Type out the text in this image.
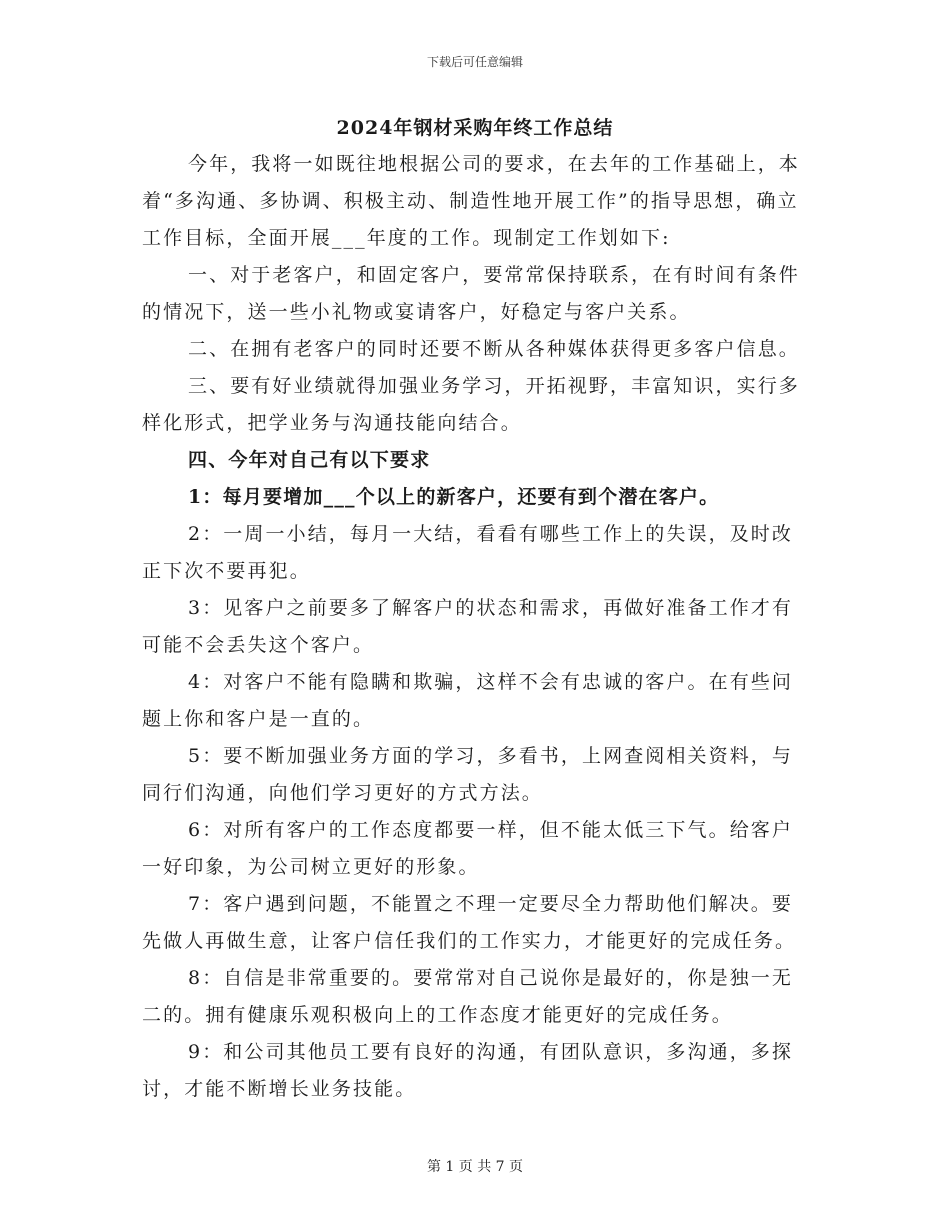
下载后可任意编辑
2024年钢材采购年终工作总结

今年，我将一如既往地根据公司的要求，在去年的工作基础上，本着“多沟通、多协调、积极主动、制造性地开展工作”的指导思想，确立工作目标，全面开展___年度的工作。现制定工作划如下:

一、对于老客户，和固定客户，要常常保持联系，在有时间有条件的情况下，送一些小礼物或宴请客户，好稳定与客户关系。

二、在拥有老客户的同时还要不断从各种媒体获得更多客户信息。

三、要有好业绩就得加强业务学习，开拓视野，丰富知识，实行多样化形式，把学业务与沟通技能向结合。

四、今年对自己有以下要求

1：每月要增加___个以上的新客户，还要有到个潜在客户。

2：一周一小结，每月一大结，看看有哪些工作上的失误，及时改正下次不要再犯。

3：见客户之前要多了解客户的状态和需求，再做好准备工作才有可能不会丢失这个客户。

4：对客户不能有隐瞒和欺骗，这样不会有忠诚的客户。在有些问题上你和客户是一直的。

5：要不断加强业务方面的学习，多看书，上网查阅相关资料，与同行们沟通，向他们学习更好的方式方法。

6：对所有客户的工作态度都要一样，但不能太低三下气。给客户一好印象，为公司树立更好的形象。

7：客户遇到问题，不能置之不理一定要尽全力帮助他们解决。要先做人再做生意，让客户信任我们的工作实力，才能更好的完成任务。

8：自信是非常重要的。要常常对自己说你是最好的，你是独一无二的。拥有健康乐观积极向上的工作态度才能更好的完成任务。

9：和公司其他员工要有良好的沟通，有团队意识，多沟通，多探讨，才能不断增长业务技能。

第 1 页 共 7 页
